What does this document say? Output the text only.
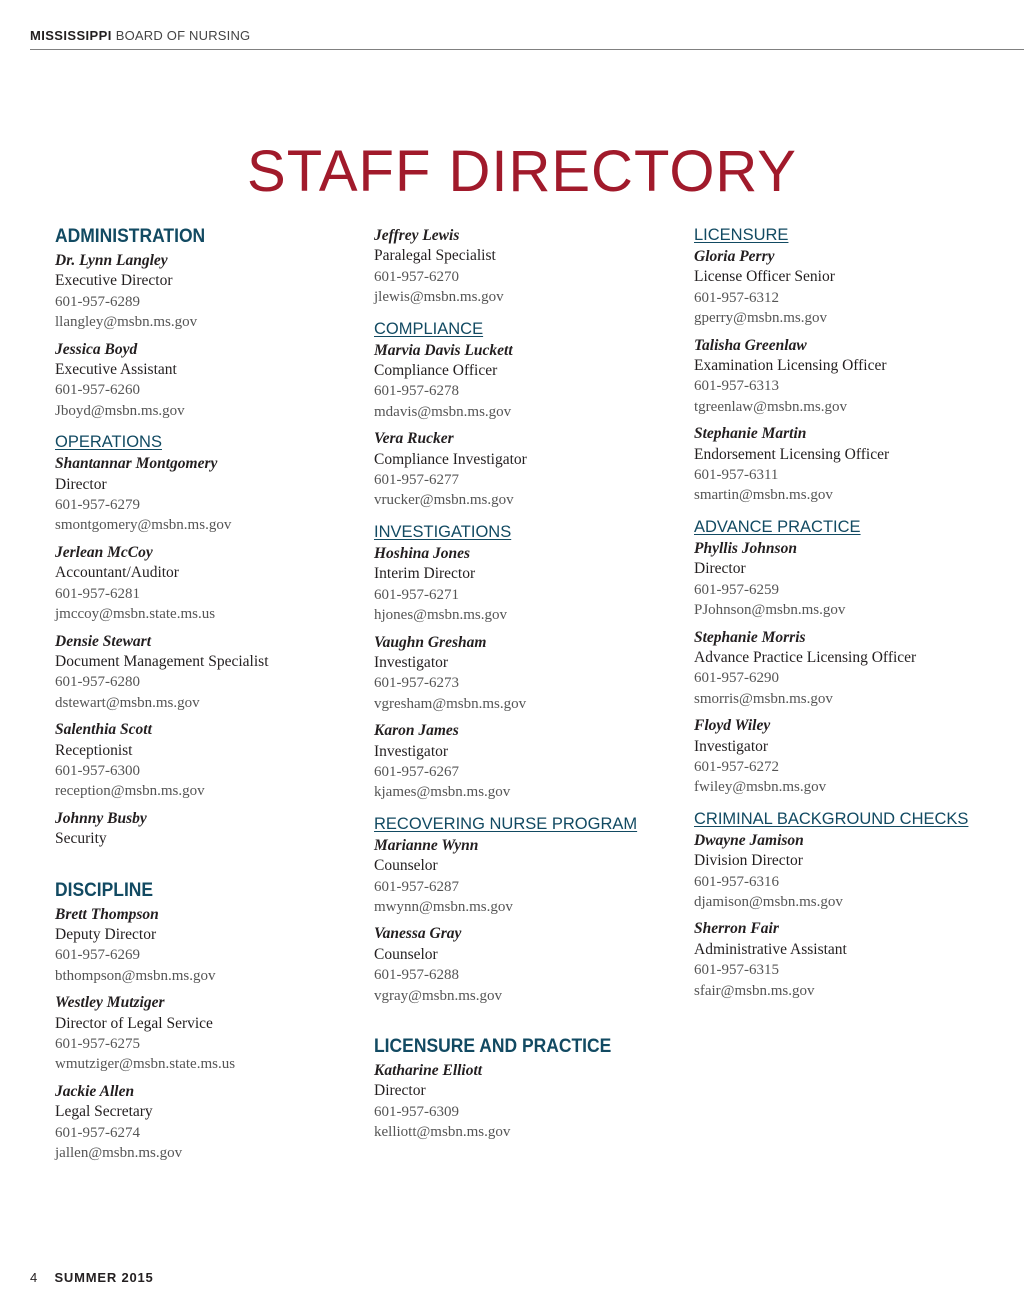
MISSISSIPPI BOARD OF NURSING
STAFF DIRECTORY
ADMINISTRATION
Dr. Lynn Langley
Executive Director
601-957-6289
llangley@msbn.ms.gov
Jessica Boyd
Executive Assistant
601-957-6260
Jboyd@msbn.ms.gov
OPERATIONS
Shantannar Montgomery
Director
601-957-6279
smontgomery@msbn.ms.gov
Jerlean McCoy
Accountant/Auditor
601-957-6281
jmccoy@msbn.state.ms.us
Densie Stewart
Document Management Specialist
601-957-6280
dstewart@msbn.ms.gov
Salenthia Scott
Receptionist
601-957-6300
reception@msbn.ms.gov
Johnny Busby
Security
DISCIPLINE
Brett Thompson
Deputy Director
601-957-6269
bthompson@msbn.ms.gov
Westley Mutziger
Director of Legal Service
601-957-6275
wmutziger@msbn.state.ms.us
Jackie Allen
Legal Secretary
601-957-6274
jallen@msbn.ms.gov
Jeffrey Lewis
Paralegal Specialist
601-957-6270
jlewis@msbn.ms.gov
COMPLIANCE
Marvia Davis Luckett
Compliance Officer
601-957-6278
mdavis@msbn.ms.gov
Vera Rucker
Compliance Investigator
601-957-6277
vrucker@msbn.ms.gov
INVESTIGATIONS
Hoshina Jones
Interim Director
601-957-6271
hjones@msbn.ms.gov
Vaughn Gresham
Investigator
601-957-6273
vgresham@msbn.ms.gov
Karon James
Investigator
601-957-6267
kjames@msbn.ms.gov
RECOVERING NURSE PROGRAM
Marianne Wynn
Counselor
601-957-6287
mwynn@msbn.ms.gov
Vanessa Gray
Counselor
601-957-6288
vgray@msbn.ms.gov
LICENSURE AND PRACTICE
Katharine Elliott
Director
601-957-6309
kelliott@msbn.ms.gov
LICENSURE
Gloria Perry
License Officer Senior
601-957-6312
gperry@msbn.ms.gov
Talisha Greenlaw
Examination Licensing Officer
601-957-6313
tgreenlaw@msbn.ms.gov
Stephanie Martin
Endorsement Licensing Officer
601-957-6311
smartin@msbn.ms.gov
ADVANCE PRACTICE
Phyllis Johnson
Director
601-957-6259
PJohnson@msbn.ms.gov
Stephanie Morris
Advance Practice Licensing Officer
601-957-6290
smorris@msbn.ms.gov
Floyd Wiley
Investigator
601-957-6272
fwiley@msbn.ms.gov
CRIMINAL BACKGROUND CHECKS
Dwayne Jamison
Division Director
601-957-6316
djamison@msbn.ms.gov
Sherron Fair
Administrative Assistant
601-957-6315
sfair@msbn.ms.gov
4 SUMMER 2015
